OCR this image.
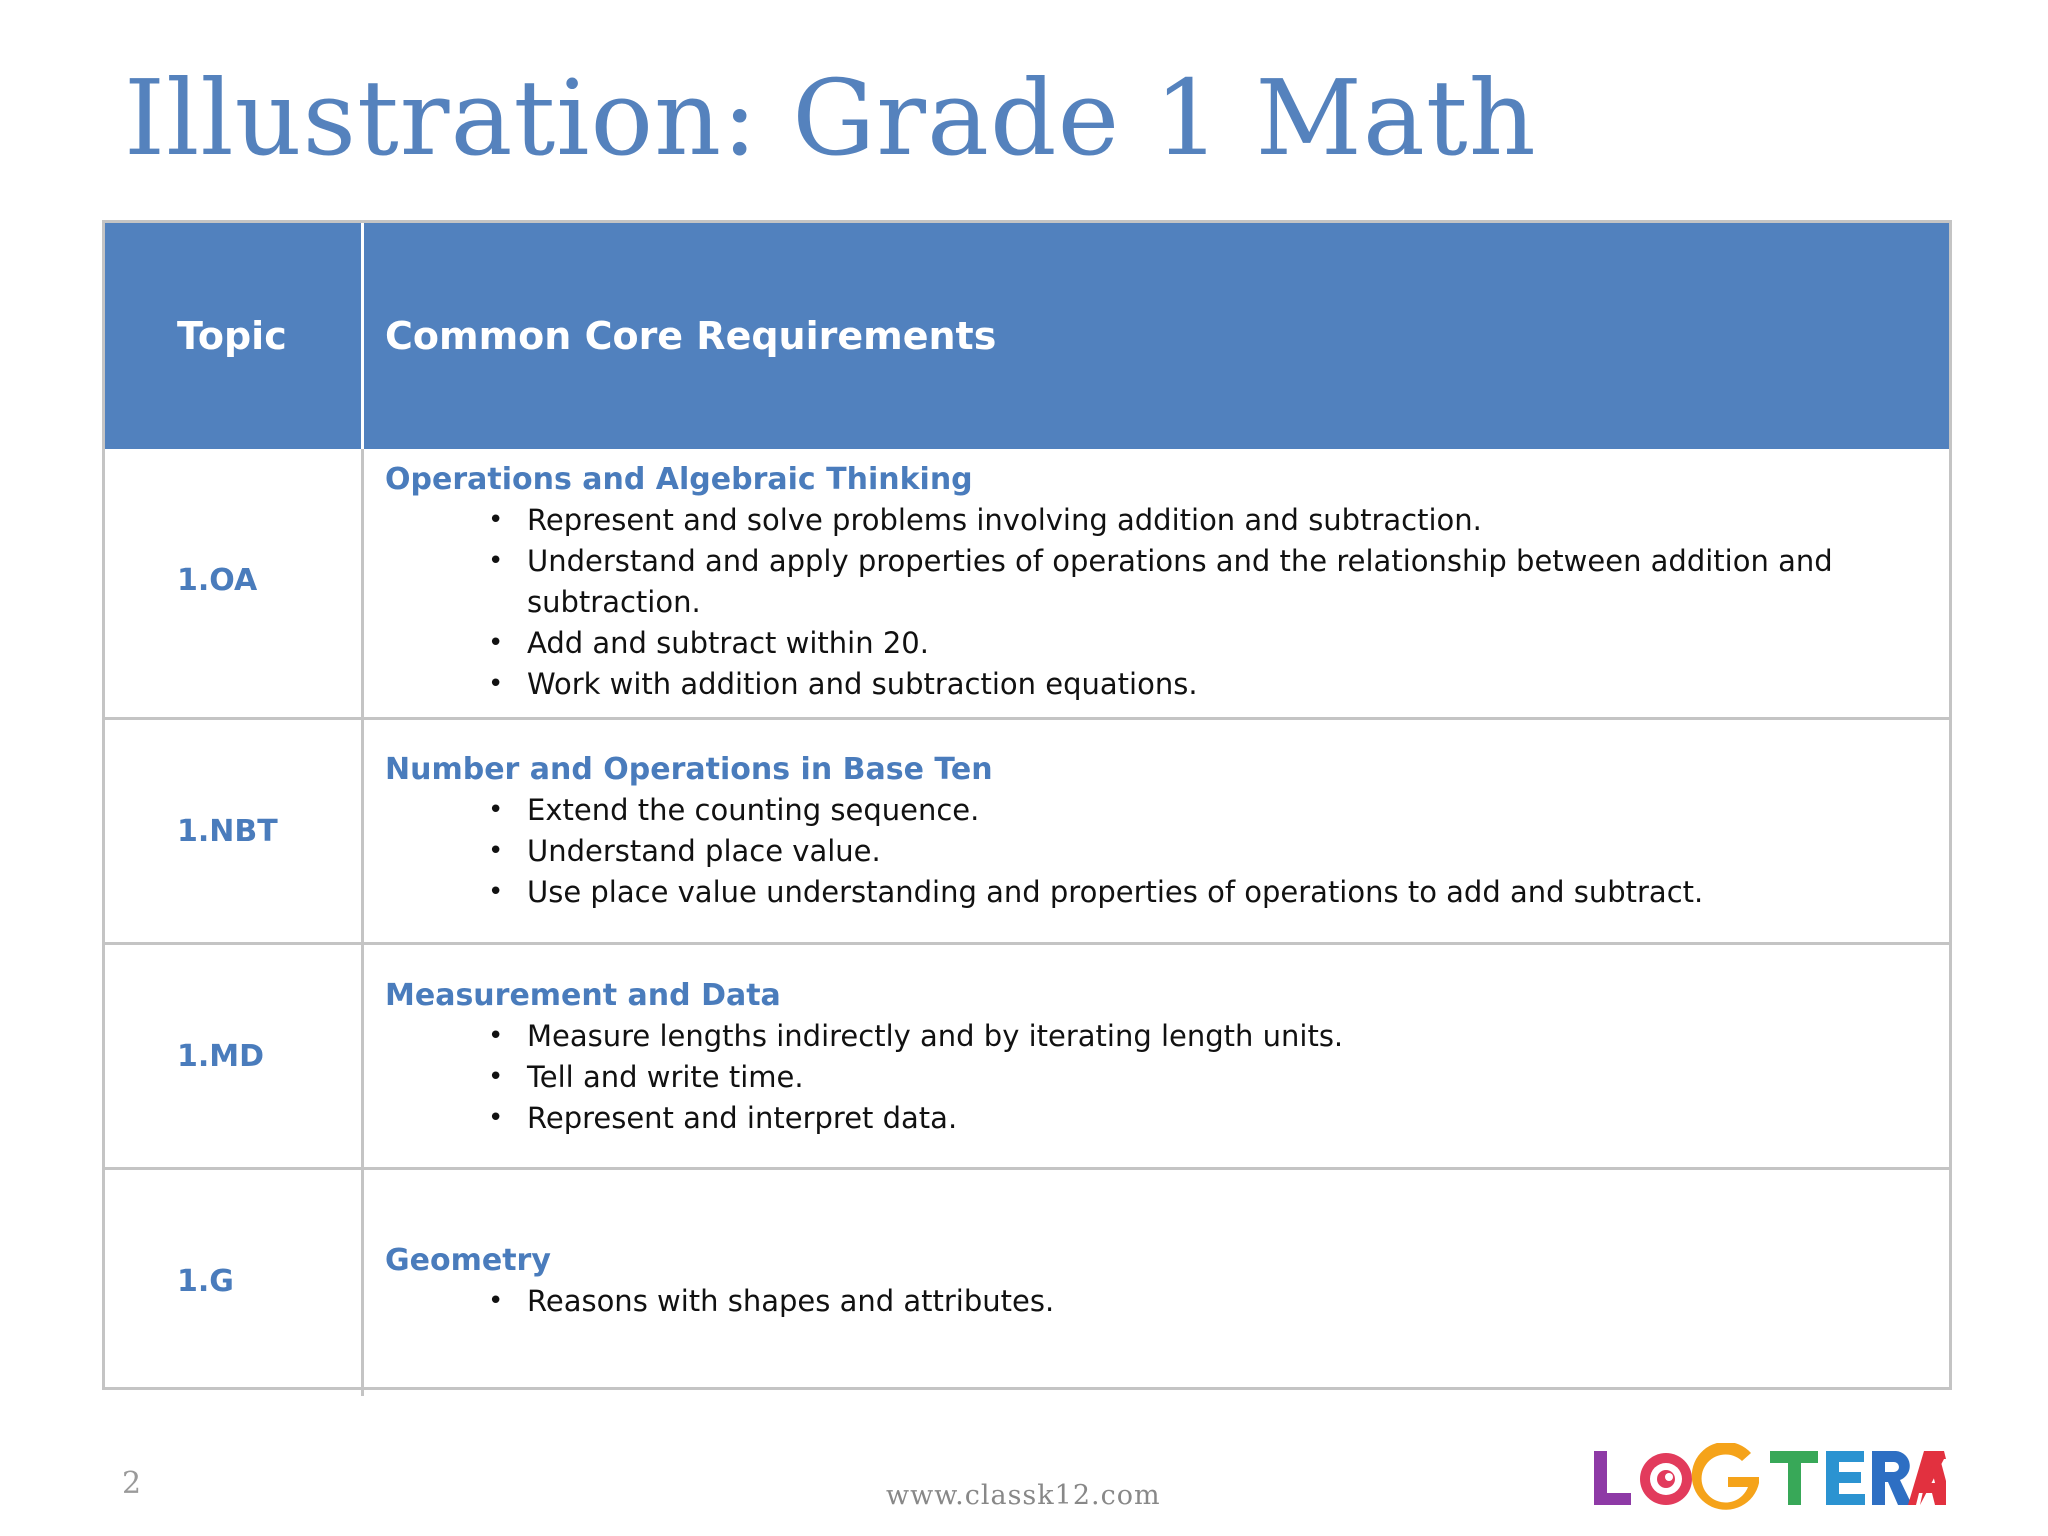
Illustration: Grade 1 Math
Topic	Common Core Requirements
1.OA
Operations and Algebraic Thinking
• Represent and solve problems involving addition and subtraction.
• Understand and apply properties of operations and the relationship between addition and subtraction.
• Add and subtract within 20.
• Work with addition and subtraction equations.
1.NBT
Number and Operations in Base Ten
• Extend the counting sequence.
• Understand place value.
• Use place value understanding and properties of operations to add and subtract.
1.MD
Measurement and Data
• Measure lengths indirectly and by iterating length units.
• Tell and write time.
• Represent and interpret data.
1.G
Geometry
• Reasons with shapes and attributes.
2	www.classk12.com
